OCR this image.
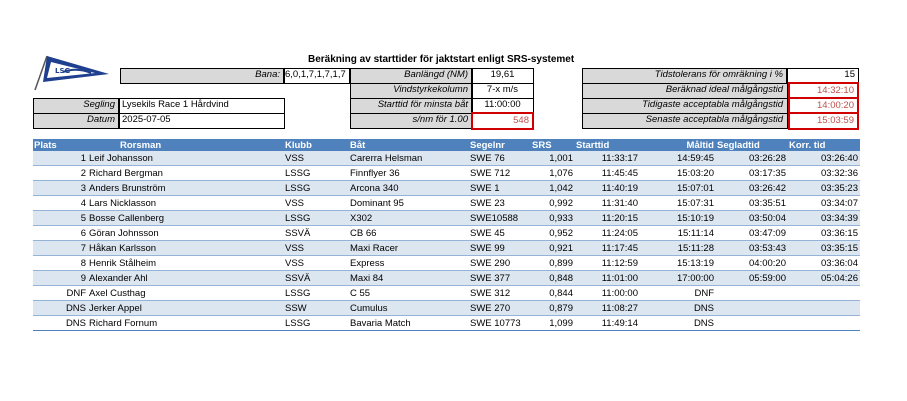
LSG
Beräkning av starttider för jaktstart enligt SRS-systemet
Bana: 6,0,1,7,1,7,1,7
Segling Lysekils Race 1 Hårdvind
Datum 2025-07-05
Banlängd (NM)	19,61
Vindstyrkekolumn	7-x m/s
Starttid för minsta båt	11:00:00
s/nm för 1.00	548
Tidstolerans för omräkning i %	15
Beräknad ideal målgångstid	14:32:10
Tidigaste acceptabla målgångstid	14:00:20
Senaste acceptabla målgångstid	15:03:59
Plats	Rorsman	Klubb	Båt	Segelnr	SRS	Starttid	Måltid	Segladtid	Korr. tid
1	Leif Johansson	VSS	Carerra Helsman	SWE 76	1,001	11:33:17	14:59:45	03:26:28	03:26:40
2	Richard Bergman	LSSG	Finnflyer 36	SWE 712	1,076	11:45:45	15:03:20	03:17:35	03:32:36
3	Anders Brunström	LSSG	Arcona 340	SWE 1	1,042	11:40:19	15:07:01	03:26:42	03:35:23
4	Lars Nicklasson	VSS	Dominant 95	SWE 23	0,992	11:31:40	15:07:31	03:35:51	03:34:07
5	Bosse Callenberg	LSSG	X302	SWE10588	0,933	11:20:15	15:10:19	03:50:04	03:34:39
6	Göran Johnsson	SSVÄ	CB 66	SWE 45	0,952	11:24:05	15:11:14	03:47:09	03:36:15
7	Håkan Karlsson	VSS	Maxi Racer	SWE 99	0,921	11:17:45	15:11:28	03:53:43	03:35:15
8	Henrik Stålheim	VSS	Express	SWE 290	0,899	11:12:59	15:13:19	04:00:20	03:36:04
9	Alexander Ahl	SSVÄ	Maxi 84	SWE 377	0,848	11:01:00	17:00:00	05:59:00	05:04:26
DNF	Axel Custhag	LSSG	C 55	SWE 312	0,844	11:00:00	DNF		
DNS	Jerker Appel	SSW	Cumulus	SWE 270	0,879	11:08:27	DNS		
DNS	Richard Fornum	LSSG	Bavaria Match	SWE 10773	1,099	11:49:14	DNS		
